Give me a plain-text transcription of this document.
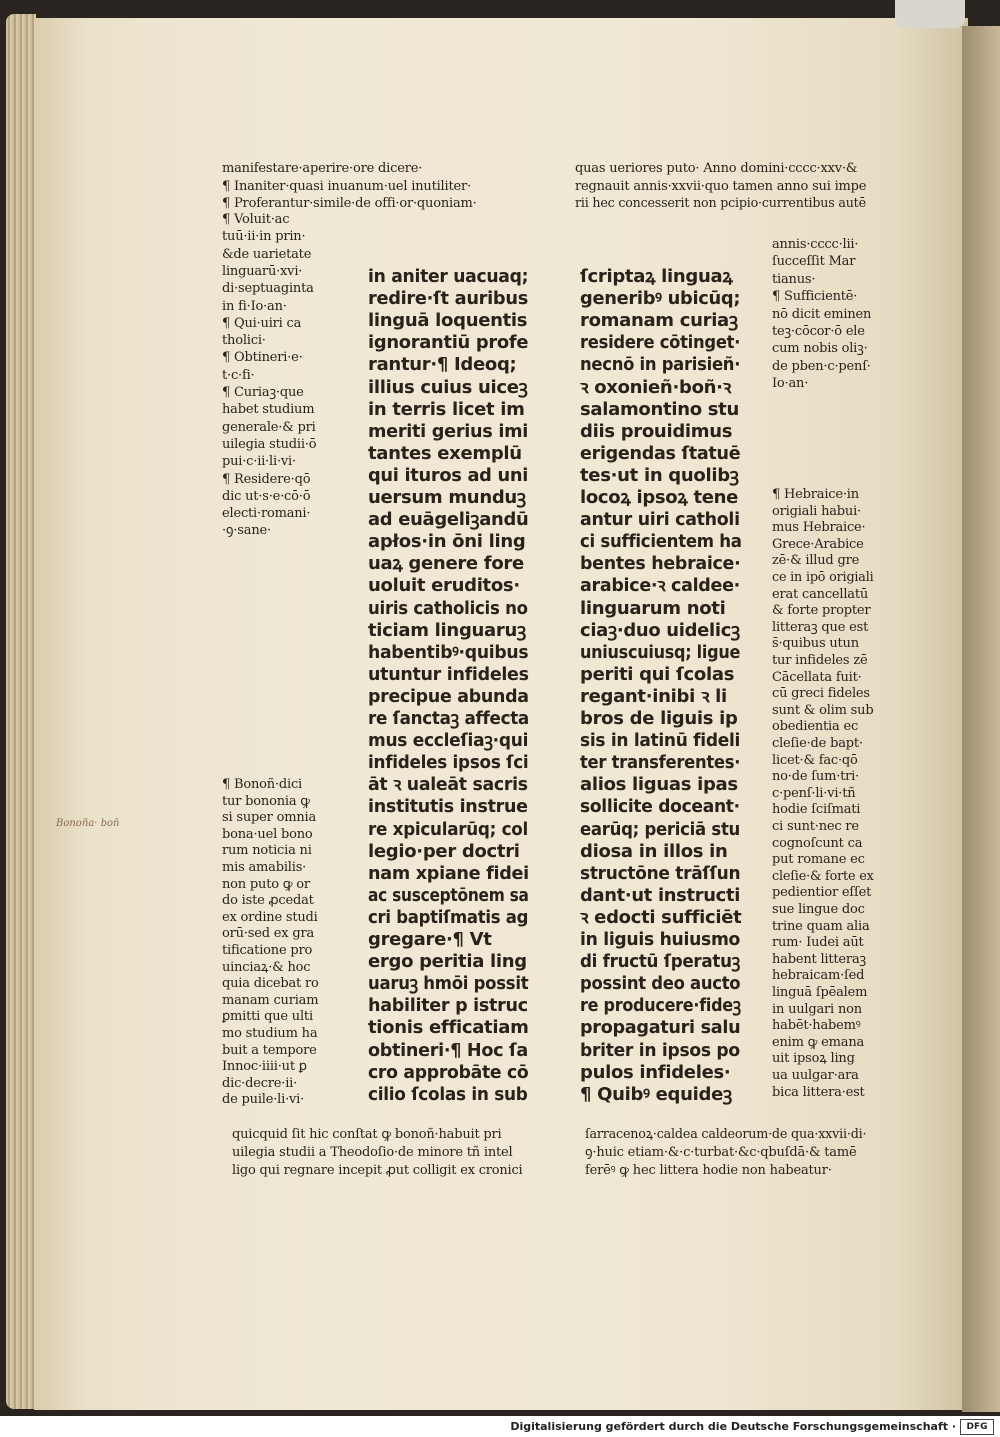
manifestare·aperire·ore dicere·
¶ Inaniter·quasi inuanum·uel inutiliter·
¶ Proferantur·simile·de offi·or·quoniam·
quas ueriores puto· Anno domini·cccc·xxv·&
regnauit annis·xxvii·quo tamen anno sui impe
rii hec concesserit non pcipio·currentibus autē
¶ Voluit·ac
tuū·ii·in prin·
&de uarietate
linguarū·xvi·
di·septuaginta
in fi·Io·an·
¶ Qui·uiri ca
tholici·
¶ Obtineri·e·
t·c·fi·
¶ Curiaꝫ·que
habet studium
generale·& pri
uilegia studii·ō
pui·c·ii·li·vi·
¶ Residere·qō
dic ut·s·e·cō·ō
electi·romani·
·ꝯ·sane·
¶ Bonoñ·dici
tur bononia ꝙ
si super omnia
bona·uel bono
rum noticia ni
mis amabilis·
non puto ꝙ or
do iste ꝓcedat
ex ordine studi
orū·sed ex gra
tificatione pro
uinciaꝝ·& hoc
quia dicebat ro
manam curiam
ꝑmitti que ulti
mo studium ha
buit a tempore
Innoc·iiii·ut ꝑ
dic·decre·ii·
de puile·li·vi·
in aniter uacuaq;
redire·ſt auribus
linguā loquentis
ignorantiū profe
rantur·¶ Ideoq;
illius cuius uiceꝫ
in terris licet im
meriti gerius imi
tantes exemplū
qui ituros ad uni
uersum munduꝫ
ad euāgeliꝫandū
apłos·in ōni ling
uaꝝ genere fore
uoluit eruditos·
uiris catholicis no
ticiam linguaruꝫ
habentibꝰ·quibus
utuntur infideles
precipue abunda
re ſanctaꝫ affecta
mus eccleſiaꝫ·qui
infideles ipsos ſci
āt ꝛ ualeāt sacris
institutis instrue
re xpicularūq; col
legio·per doctri
nam xpiane fidei
ac susceptōnem sa
cri baptiſmatis ag
gregare·¶ Vt
ergo peritia ling
uaruꝫ hmōi possit
habiliter p istruc
tionis efficatiam
obtineri·¶ Hoc ſa
cro approbāte cō
cilio ſcolas in sub
ſcriptaꝝ linguaꝝ
generibꝰ ubicūq;
romanam curiaꝫ
residere cōtinget·
necnō in parisieñ·
ꝛ oxonieñ·boñ·ꝛ
salamontino stu
diis prouidimus
erigendas ſtatuē
tes·ut in quolibꝫ
locoꝝ ipsoꝝ tene
antur uiri catholi
ci sufficientem ha
bentes hebraice·
arabice·ꝛ caldee·
linguarum noti
ciaꝫ·duo uidelicꝫ
uniuscuiusq; ligue
periti qui ſcolas
regant·inibi ꝛ li
bros de liguis ip
sis in latinū fideli
ter transferentes·
alios liguas ipas
sollicite doceant·
earūq; periciā stu
diosa in illos in
structōne trāſſun
dant·ut instructi
ꝛ edocti sufficiēt
in liguis huiusmo
di fructū ſperatuꝫ
possint deo aucto
re producere·fideꝫ
propagaturi salu
briter in ipsos po
pulos infideles·
¶ Quibꝰ equideꝫ
annis·cccc·lii·
ſucceſſit Mar
tianus·
¶ Sufficientē·
nō dicit eminen
teꝫ·cōcor·ō ele
cum nobis oliꝫ·
de pben·c·penſ·
Io·an·
¶ Hebraice·in
origiali habui·
mus Hebraice·
Grece·Arabice
zē·& illud gre
ce in ipō origiali
erat cancellatū
& forte propter
litteraꝫ que est
s̄·quibus utun
tur infideles zē
Cācellata fuit·
cū greci fideles
sunt & olim sub
obedientia ec
cleſie·de bapt·
licet·& fac·qō
no·de ſum·tri·
c·penſ·li·vi·tñ
hodie ſciſmati
ci sunt·nec re
cognoſcunt ca
put romane ec
cleſie·& forte ex
pedientior eſſet
sue lingue doc
trine quam alia
rum· Iudei aūt
habent litteraꝫ
hebraicam·ſed
linguā ſpēalem
in uulgari non
habēt·habemꝰ
enim ꝙ emana
uit ipsoꝝ ling
ua uulgar·ara
bica littera·est
quicquid ſit hic conſtat ꝙ bonoñ·habuit pri
uilegia studii a Theodoſio·de minore tñ intel
ligo qui regnare incepit ꝓut colligit ex cronici
ſarracenoꝝ·caldea caldeorum·de qua·xxvii·di·
ꝯ·huic etiam·&·c·turbat·&c·qbuſdā·& tamē
ferēꝰ ꝙ hec littera hodie non habeatur·
Bonoña· bon̄
Digitalisierung gefördert durch die Deutsche Forschungsgemeinschaft ·	DFG
